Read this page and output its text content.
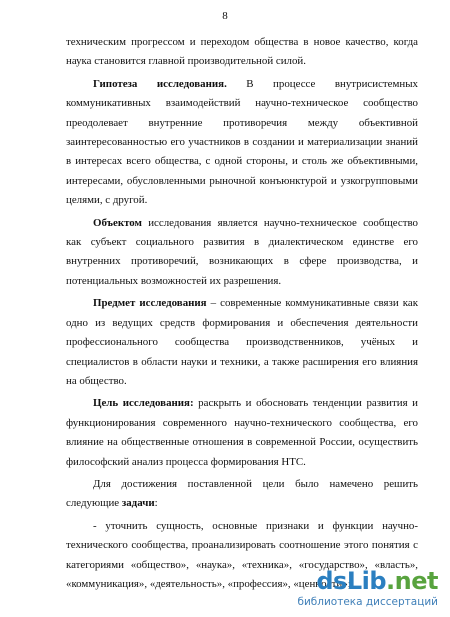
8

техническим прогрессом и переходом общества в новое качество, когда наука становится главной производительной силой.

Гипотеза исследования. В процессе внутрисистемных коммуникативных взаимодействий научно-техническое сообщество преодолевает внутренние противоречия между объективной заинтересованностью его участников в создании и материализации знаний в интересах всего общества, с одной стороны, и столь же объективными, интересами, обусловленными рыночной конъюнктурой и узкогрупповыми целями, с другой.

Объектом исследования является научно-техническое сообщество как субъект социального развития в диалектическом единстве его внутренних противоречий, возникающих в сфере производства, и потенциальных возможностей их разрешения.

Предмет исследования – современные коммуникативные связи как одно из ведущих средств формирования и обеспечения деятельности профессионального сообщества производственников, учёных и специалистов в области науки и техники, а также расширения его влияния на общество.

Цель исследования: раскрыть и обосновать тенденции развития и функционирования современного научно-технического сообщества, его влияние на общественные отношения в современной России, осуществить философский анализ процесса формирования НТС.

Для достижения поставленной цели было намечено решить следующие задачи:

- уточнить сущность, основные признаки и функции научно-технического сообщества, проанализировать соотношение этого понятия с категориями «общество», «наука», «техника», «государство», «власть», «коммуникация», «деятельность», «профессия», «ценности»;

dsLib.net
библиотека диссертаций
